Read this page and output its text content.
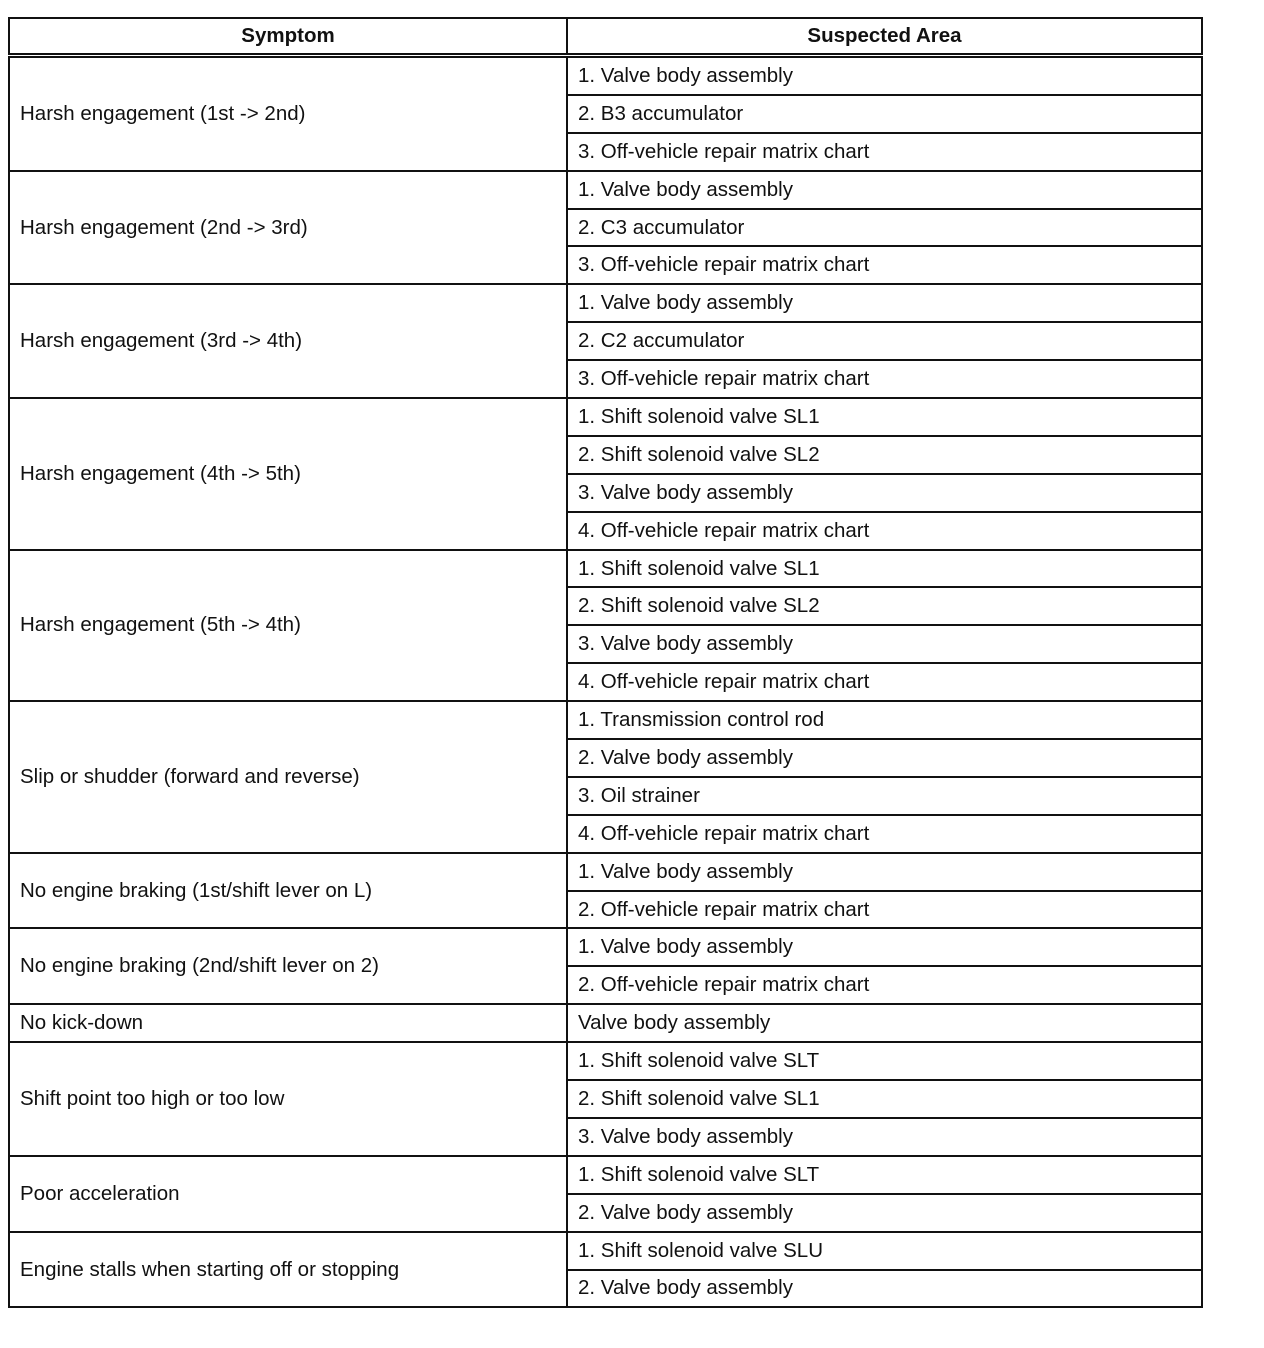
Symptom	Suspected Area
Harsh engagement (1st -> 2nd)	1. Valve body assembly
	2. B3 accumulator
	3. Off-vehicle repair matrix chart
Harsh engagement (2nd -> 3rd)	1. Valve body assembly
	2. C3 accumulator
	3. Off-vehicle repair matrix chart
Harsh engagement (3rd -> 4th)	1. Valve body assembly
	2. C2 accumulator
	3. Off-vehicle repair matrix chart
Harsh engagement (4th -> 5th)	1. Shift solenoid valve SL1
	2. Shift solenoid valve SL2
	3. Valve body assembly
	4. Off-vehicle repair matrix chart
Harsh engagement (5th -> 4th)	1. Shift solenoid valve SL1
	2. Shift solenoid valve SL2
	3. Valve body assembly
	4. Off-vehicle repair matrix chart
Slip or shudder (forward and reverse)	1. Transmission control rod
	2. Valve body assembly
	3. Oil strainer
	4. Off-vehicle repair matrix chart
No engine braking (1st/shift lever on L)	1. Valve body assembly
	2. Off-vehicle repair matrix chart
No engine braking (2nd/shift lever on 2)	1. Valve body assembly
	2. Off-vehicle repair matrix chart
No kick-down	Valve body assembly
Shift point too high or too low	1. Shift solenoid valve SLT
	2. Shift solenoid valve SL1
	3. Valve body assembly
Poor acceleration	1. Shift solenoid valve SLT
	2. Valve body assembly
Engine stalls when starting off or stopping	1. Shift solenoid valve SLU
	2. Valve body assembly
